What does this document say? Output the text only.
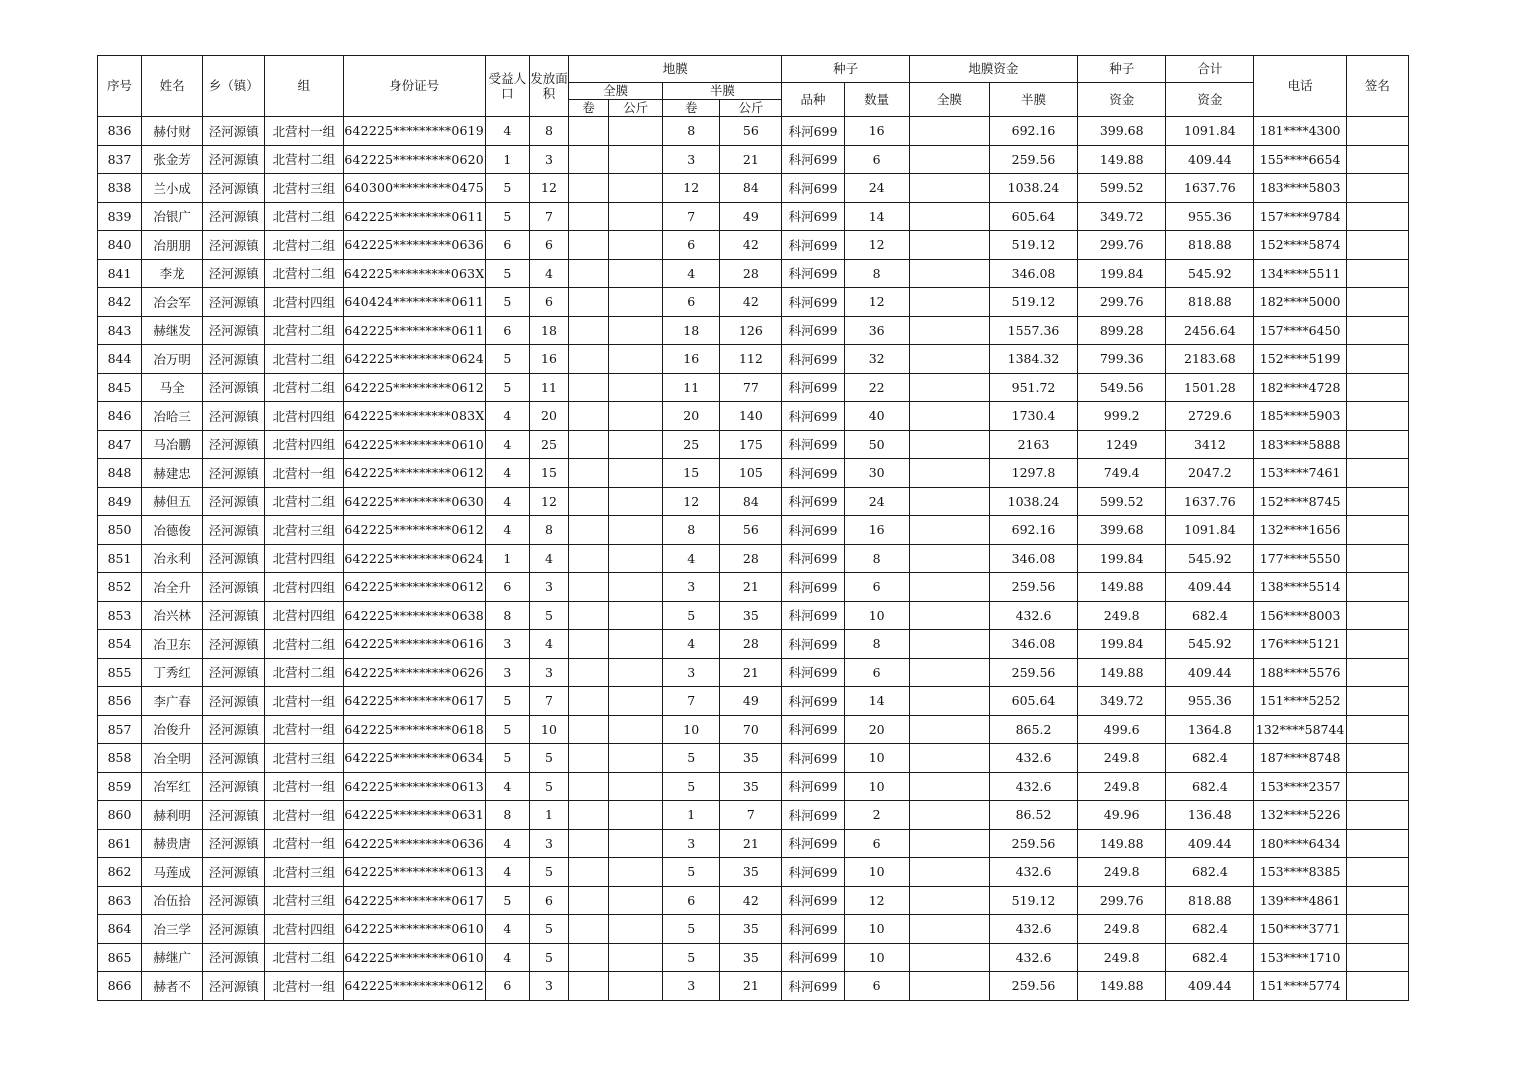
序号	姓名	乡（镇）	组	身份证号	受益人口	发放面积	地膜				种子		地膜资金		种子	合计	电话	签名
							全膜		半膜		品种	数量	全膜	半膜	资金	资金		
							卷	公斤	卷	公斤								
836	赫付财	泾河源镇	北营村一组	642225*********0619	4	8			8	56	科河699	16		692.16	399.68	1091.84	181****4300	
837	张金芳	泾河源镇	北营村二组	642225*********0620	1	3			3	21	科河699	6		259.56	149.88	409.44	155****6654	
838	兰小成	泾河源镇	北营村三组	640300*********0475	5	12			12	84	科河699	24		1038.24	599.52	1637.76	183****5803	
839	冶银广	泾河源镇	北营村二组	642225*********0611	5	7			7	49	科河699	14		605.64	349.72	955.36	157****9784	
840	冶朋朋	泾河源镇	北营村二组	642225*********0636	6	6			6	42	科河699	12		519.12	299.76	818.88	152****5874	
841	李龙	泾河源镇	北营村二组	642225*********063X	5	4			4	28	科河699	8		346.08	199.84	545.92	134****5511	
842	冶会军	泾河源镇	北营村四组	640424*********0611	5	6			6	42	科河699	12		519.12	299.76	818.88	182****5000	
843	赫继发	泾河源镇	北营村二组	642225*********0611	6	18			18	126	科河699	36		1557.36	899.28	2456.64	157****6450	
844	冶万明	泾河源镇	北营村二组	642225*********0624	5	16			16	112	科河699	32		1384.32	799.36	2183.68	152****5199	
845	马全	泾河源镇	北营村二组	642225*********0612	5	11			11	77	科河699	22		951.72	549.56	1501.28	182****4728	
846	冶哈三	泾河源镇	北营村四组	642225*********083X	4	20			20	140	科河699	40		1730.4	999.2	2729.6	185****5903	
847	马冶鹏	泾河源镇	北营村四组	642225*********0610	4	25			25	175	科河699	50		2163	1249	3412	183****5888	
848	赫建忠	泾河源镇	北营村一组	642225*********0612	4	15			15	105	科河699	30		1297.8	749.4	2047.2	153****7461	
849	赫但五	泾河源镇	北营村二组	642225*********0630	4	12			12	84	科河699	24		1038.24	599.52	1637.76	152****8745	
850	冶德俊	泾河源镇	北营村三组	642225*********0612	4	8			8	56	科河699	16		692.16	399.68	1091.84	132****1656	
851	冶永利	泾河源镇	北营村四组	642225*********0624	1	4			4	28	科河699	8		346.08	199.84	545.92	177****5550	
852	冶全升	泾河源镇	北营村四组	642225*********0612	6	3			3	21	科河699	6		259.56	149.88	409.44	138****5514	
853	冶兴林	泾河源镇	北营村四组	642225*********0638	8	5			5	35	科河699	10		432.6	249.8	682.4	156****8003	
854	冶卫东	泾河源镇	北营村二组	642225*********0616	3	4			4	28	科河699	8		346.08	199.84	545.92	176****5121	
855	丁秀红	泾河源镇	北营村二组	642225*********0626	3	3			3	21	科河699	6		259.56	149.88	409.44	188****5576	
856	李广春	泾河源镇	北营村一组	642225*********0617	5	7			7	49	科河699	14		605.64	349.72	955.36	151****5252	
857	冶俊升	泾河源镇	北营村一组	642225*********0618	5	10			10	70	科河699	20		865.2	499.6	1364.8	132****58744	
858	冶全明	泾河源镇	北营村三组	642225*********0634	5	5			5	35	科河699	10		432.6	249.8	682.4	187****8748	
859	冶军红	泾河源镇	北营村一组	642225*********0613	4	5			5	35	科河699	10		432.6	249.8	682.4	153****2357	
860	赫利明	泾河源镇	北营村一组	642225*********0631	8	1			1	7	科河699	2		86.52	49.96	136.48	132****5226	
861	赫贵唐	泾河源镇	北营村一组	642225*********0636	4	3			3	21	科河699	6		259.56	149.88	409.44	180****6434	
862	马莲成	泾河源镇	北营村三组	642225*********0613	4	5			5	35	科河699	10		432.6	249.8	682.4	153****8385	
863	冶伍拾	泾河源镇	北营村三组	642225*********0617	5	6			6	42	科河699	12		519.12	299.76	818.88	139****4861	
864	冶三学	泾河源镇	北营村四组	642225*********0610	4	5			5	35	科河699	10		432.6	249.8	682.4	150****3771	
865	赫继广	泾河源镇	北营村二组	642225*********0610	4	5			5	35	科河699	10		432.6	249.8	682.4	153****1710	
866	赫者不	泾河源镇	北营村一组	642225*********0612	6	3			3	21	科河699	6		259.56	149.88	409.44	151****5774	
